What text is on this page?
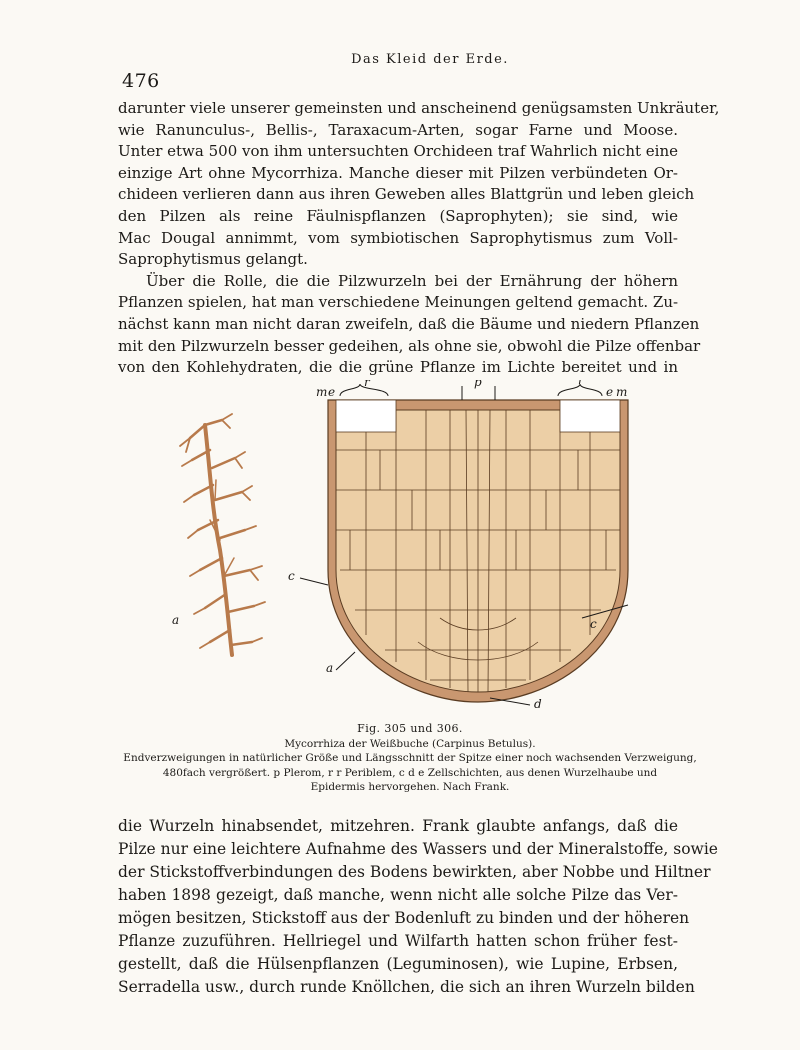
Das Kleid der Erde.
476
darunter viele unserer gemeinsten und anscheinend genügsamsten Unkräuter,
wie Ranunculus-, Bellis-, Taraxacum-Arten, sogar Farne und Moose.
Unter etwa 500 von ihm untersuchten Orchideen traf Wahrlich nicht eine
einzige Art ohne Mycorrhiza. Manche dieser mit Pilzen verbündeten Or-
chideen verlieren dann aus ihren Geweben alles Blattgrün und leben gleich
den Pilzen als reine Fäulnispflanzen (Saprophyten); sie sind, wie
Mac Dougal annimmt, vom symbiotischen Saprophytismus zum Voll-
Saprophytismus gelangt.
Über die Rolle, die die Pilzwurzeln bei der Ernährung der höhern
Pflanzen spielen, hat man verschiedene Meinungen geltend gemacht. Zu-
nächst kann man nicht daran zweifeln, daß die Bäume und niedern Pflanzen
mit den Pilzwurzeln besser gedeihen, als ohne sie, obwohl die Pilze offenbar
von den Kohlehydraten, die die grüne Pflanze im Lichte bereitet und in
a
m e
r	p	r
e m
c
c
a
d
Fig. 305 und 306.
Mycorrhiza der Weißbuche (Carpinus Betulus).
Endverzweigungen in natürlicher Größe und Längsschnitt der Spitze einer noch wachsenden Verzweigung,
480fach vergrößert. p Plerom, r r Periblem, c d e Zellschichten, aus denen Wurzelhaube und
Epidermis hervorgehen. Nach Frank.
die Wurzeln hinabsendet, mitzehren. Frank glaubte anfangs, daß die
Pilze nur eine leichtere Aufnahme des Wassers und der Mineralstoffe, sowie
der Stickstoffverbindungen des Bodens bewirkten, aber Nobbe und Hiltner
haben 1898 gezeigt, daß manche, wenn nicht alle solche Pilze das Ver-
mögen besitzen, Stickstoff aus der Bodenluft zu binden und der höheren
Pflanze zuzuführen. Hellriegel und Wilfarth hatten schon früher fest-
gestellt, daß die Hülsenpflanzen (Leguminosen), wie Lupine, Erbsen,
Serradella usw., durch runde Knöllchen, die sich an ihren Wurzeln bilden
